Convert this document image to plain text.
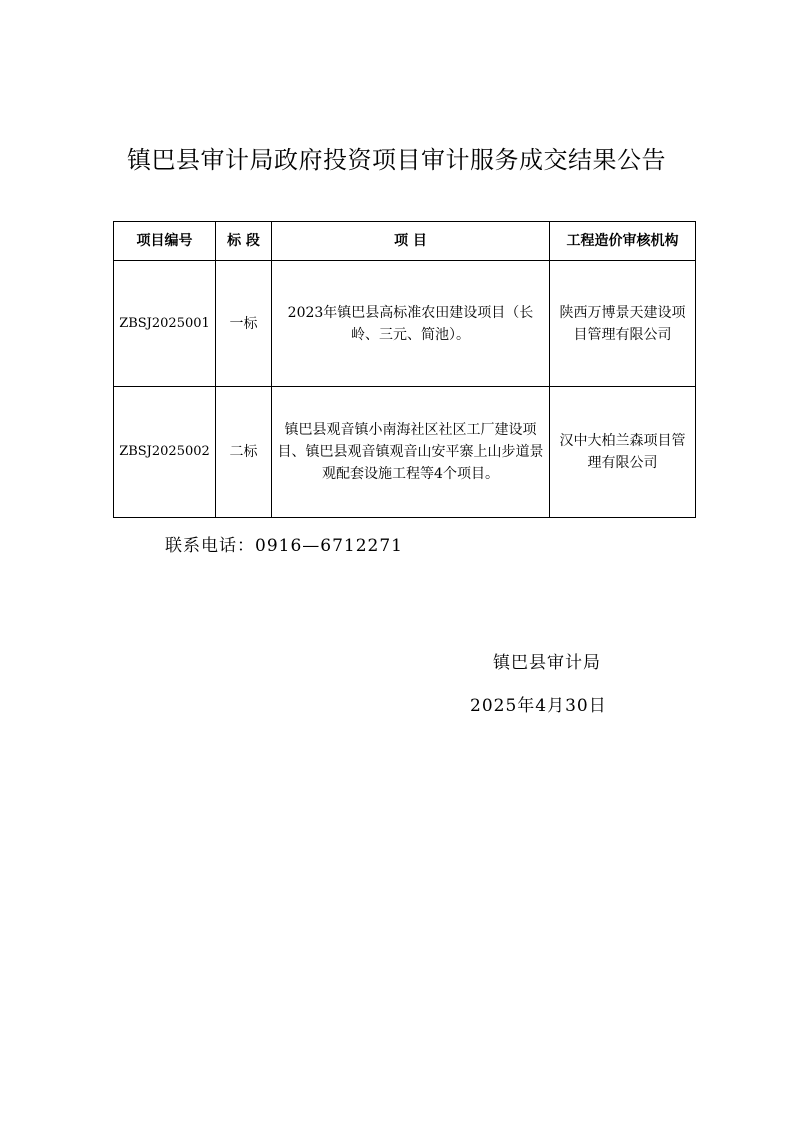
镇巴县审计局政府投资项目审计服务成交结果公告
项目编号	标 段	项 目	工程造价审核机构
ZBSJ2025001	一标	2023年镇巴县高标准农田建设项目（长岭、三元、简池）。	陕西万博景天建设项目管理有限公司
ZBSJ2025002	二标	镇巴县观音镇小南海社区社区工厂建设项目、镇巴县观音镇观音山安平寨上山步道景观配套设施工程等4个项目。	汉中大柏兰森项目管理有限公司
联系电话：0916—6712271
镇巴县审计局
2025年4月30日
